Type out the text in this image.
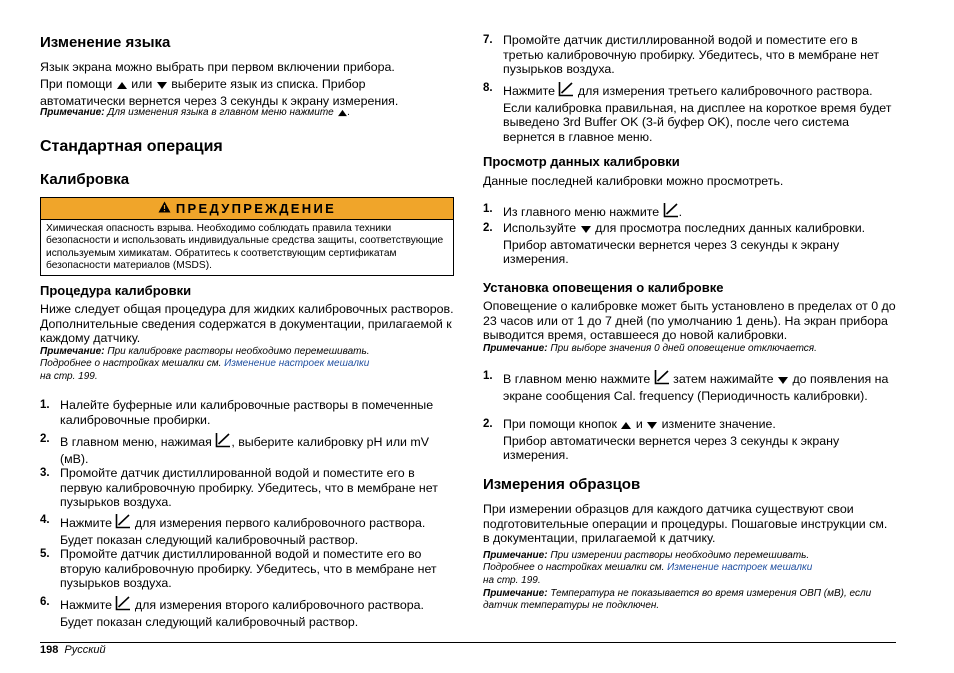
Изменение языка

Язык экрана можно выбрать при первом включении прибора.

При помощи или выберите язык из списка. Прибор автоматически вернется через 3 секунды к экрану измерения.

Примечание: Для изменения языка в главном меню нажмите .

Стандартная операция
Калибровка
ПРЕДУПРЕЖДЕНИЕ
Химическая опасность взрыва. Необходимо соблюдать правила техники безопасности и использовать индивидуальные средства защиты, соответствующие используемым химикатам. Обратитесь к соответствующим сертификатам безопасности материалов (MSDS).
Процедура калибровки

Ниже следует общая процедура для жидких калибровочных растворов. Дополнительные сведения содержатся в документации, прилагаемой к каждому датчику.

Примечание: При калибровке растворы необходимо перемешивать. Подробнее о настройках мешалки см. Изменение настроек мешалки
на стр. 199.

1. Налейте буферные или калибровочные растворы в помеченные калибровочные пробирки.
2. В главном меню, нажимая , выберите калибровку pH или mV (мВ).
3. Промойте датчик дистиллированной водой и поместите его в первую калибровочную пробирку. Убедитесь, что в мембране нет пузырьков воздуха.
4. Нажмите для измерения первого калибровочного раствора. Будет показан следующий калибровочный раствор.
5. Промойте датчик дистиллированной водой и поместите его во вторую калибровочную пробирку. Убедитесь, что в мембране нет пузырьков воздуха.
6. Нажмите для измерения второго калибровочного раствора. Будет показан следующий калибровочный раствор.
7. Промойте датчик дистиллированной водой и поместите его в третью калибровочную пробирку. Убедитесь, что в мембране нет пузырьков воздуха.
8. Нажмите для измерения третьего калибровочного раствора. Если калибровка правильная, на дисплее на короткое время будет выведено 3rd Buffer OK (3-й буфер OK), после чего система вернется в главное меню.
Просмотр данных калибровки

Данные последней калибровки можно просмотреть.

1. Из главного меню нажмите .
2. Используйте для просмотра последних данных калибровки. Прибор автоматически вернется через 3 секунды к экрану измерения.
Установка оповещения о калибровке

Оповещение о калибровке может быть установлено в пределах от 0 до 23 часов или от 1 до 7 дней (по умолчанию 1 день). На экран прибора выводится время, оставшееся до новой калибровки.

Примечание: При выборе значения 0 дней оповещение отключается.

1. В главном меню нажмите затем нажимайте до появления на экране сообщения Cal. frequency (Периодичность калибровки).
2. При помощи кнопок и измените значение.
Прибор автоматически вернется через 3 секунды к экрану измерения.
Измерения образцов

При измерении образцов для каждого датчика существуют свои подготовительные операции и процедуры. Пошаговые инструкции см. в документации, прилагаемой к датчику.

Примечание: При измерении растворы необходимо перемешивать. Подробнее о настройках мешалки см. Изменение настроек мешалки
на стр. 199.

Примечание: Температура не показывается во время измерения ОВП (мВ), если датчик температуры не подключен.

198 Русский
